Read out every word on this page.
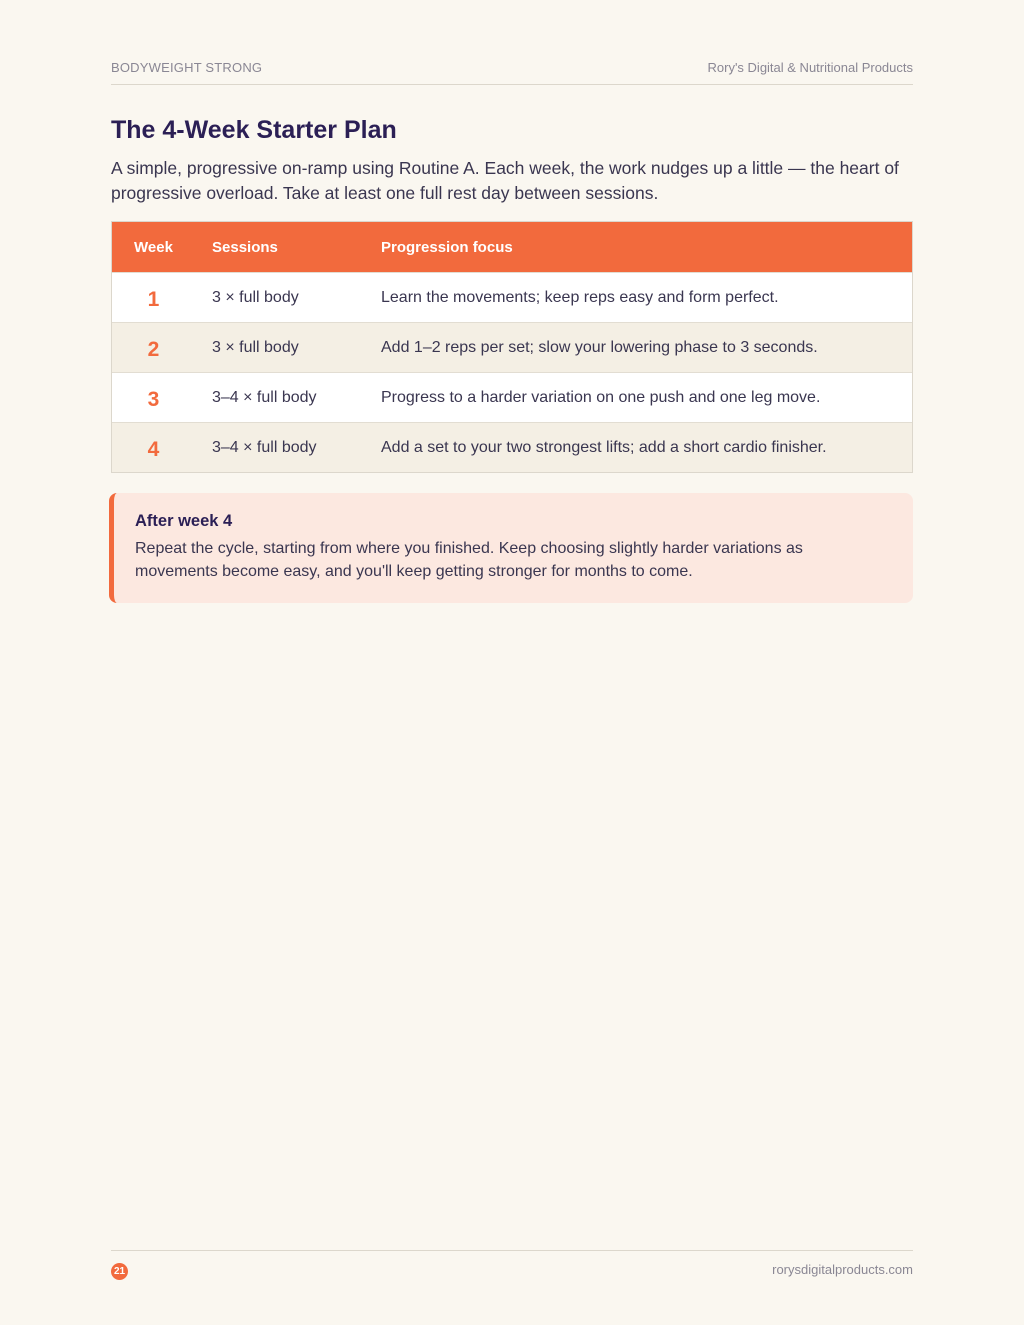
BODYWEIGHT STRONG	Rory's Digital & Nutritional Products
The 4-Week Starter Plan

A simple, progressive on-ramp using Routine A. Each week, the work nudges up a little — the heart of progressive overload. Take at least one full rest day between sessions.

Week	Sessions	Progression focus
1	3 × full body	Learn the movements; keep reps easy and form perfect.
2	3 × full body	Add 1–2 reps per set; slow your lowering phase to 3 seconds.
3	3–4 × full body	Progress to a harder variation on one push and one leg move.
4	3–4 × full body	Add a set to your two strongest lifts; add a short cardio finisher.
After week 4
Repeat the cycle, starting from where you finished. Keep choosing slightly harder variations as movements become easy, and you'll keep getting stronger for months to come.
21	rorysdigitalproducts.com
